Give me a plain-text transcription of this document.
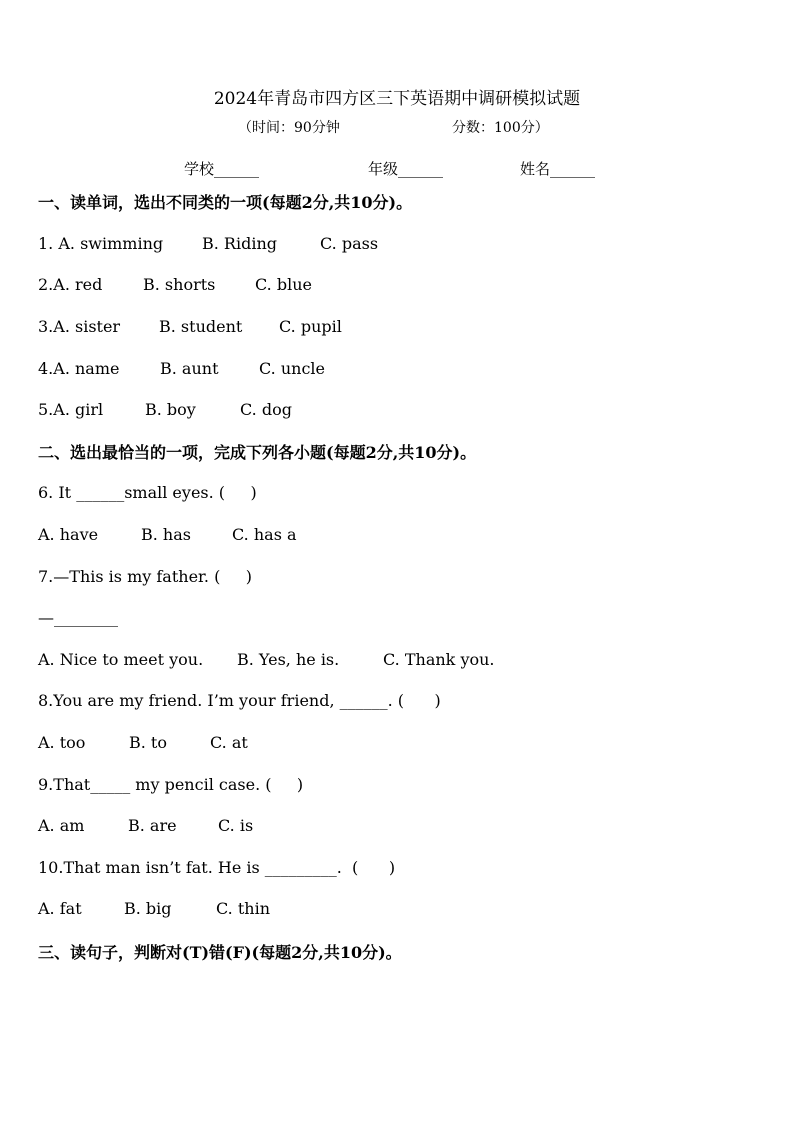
2024年青岛市四方区三下英语期中调研模拟试题
（时间：90分钟	分数：100分）
学校______	年级______	姓名______
一、读单词，选出不同类的一项(每题2分,共10分)。
1. A. swimming B. Riding	C. pass
2.A. red	B. shorts C. blue
3.A. sister B. student C. pupil
4.A. name	B. aunt	C. uncle
5.A. girl	B. boy	C. dog
二、选出最恰当的一项，完成下列各小题(每题2分,共10分)。
6. It ______small eyes. (     )
A. have	B. has	C. has a
7.—This is my father. (     )
—________
A. Nice to meet you. B. Yes, he is.	C. Thank you.
8.You are my friend. I’m your friend, ______. (      )
A. too	B. to	C. at
9.That_____ my pencil case. (     )
A. am	B. are	C. is
10.That man isn’t fat. He is _________.  (      )
A. fat	B. big	C. thin
三、读句子，判断对(T)错(F)(每题2分,共10分)。
